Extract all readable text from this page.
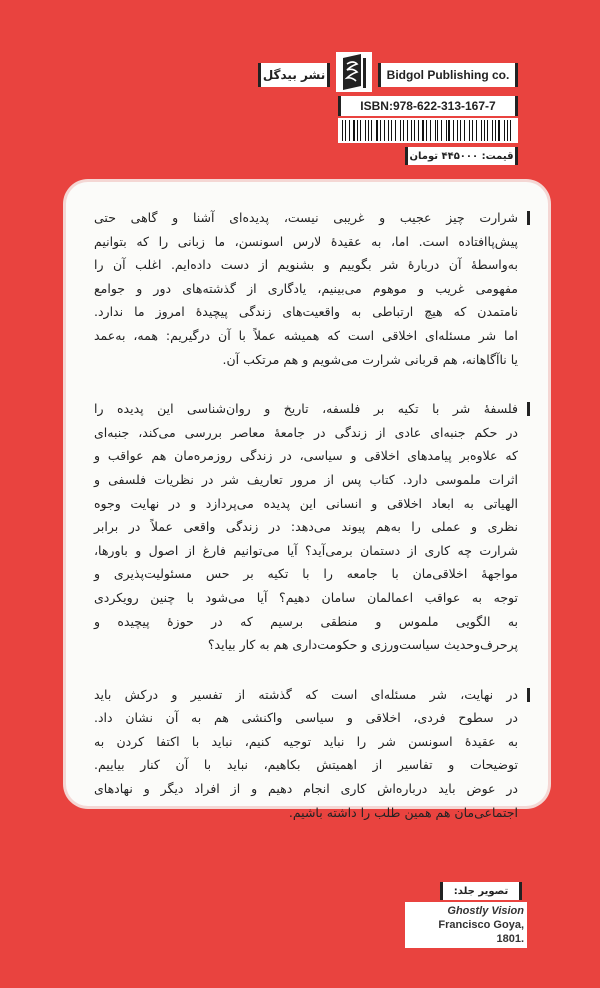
نشر بیدگل	Bidgol Publishing co.
ISBN:978-622-313-167-7
قیمت: ۴۴۵۰۰۰ تومان
شرارت چیز عجیب و غریبی نیست، پدیده‌ای آشنا و گاهی حتی
پیش‌پاافتاده است. اما، به عقیدهٔ لارس اسونسن، ما زبانی را که بتوانیم
به‌واسطهٔ آن دربارهٔ شر بگوییم و بشنویم از دست داده‌ایم. اغلب آن را
مفهومی غریب و موهوم می‌بینیم، یادگاری از گذشته‌های دور و جوامع
نامتمدن که هیچ ارتباطی به واقعیت‌های زندگی پیچیدهٔ امروز ما ندارد.
اما شر مسئله‌ای اخلاقی است که همیشه عملاً با آن درگیریم: همه، به‌عمد
یا ناآگاهانه، هم قربانی شرارت می‌شویم و هم مرتکب آن.
فلسفهٔ شر با تکیه بر فلسفه، تاریخ و روان‌شناسی این پدیده را
در حکم جنبه‌ای عادی از زندگی در جامعهٔ معاصر بررسی می‌کند، جنبه‌ای
که علاوه‌بر پیامدهای اخلاقی و سیاسی، در زندگی روزمره‌مان هم عواقب و
اثرات ملموسی دارد. کتاب پس از مرور تعاریف شر در نظریات فلسفی و
الهیاتی به ابعاد اخلاقی و انسانی این پدیده می‌پردازد و در نهایت وجوه
نظری و عملی را به‌هم پیوند می‌دهد: در زندگی واقعی عملاً در برابر
شرارت چه کاری از دستمان برمی‌آید؟ آیا می‌توانیم فارغ از اصول و باورها،
مواجههٔ اخلاقی‌مان با جامعه را با تکیه بر حس مسئولیت‌پذیری و
توجه به عواقب اعمالمان سامان دهیم؟ آیا می‌شود با چنین رویکردی
به الگویی ملموس و منطقی برسیم که در حوزهٔ پیچیده و
پرحرف‌وحدیث سیاست‌ورزی و حکومت‌داری هم به کار بیاید؟
در نهایت، شر مسئله‌ای است که گذشته از تفسیر و درکش باید
در سطوح فردی، اخلاقی و سیاسی واکنشی هم به آن نشان داد.
به عقیدهٔ اسونسن شر را نباید توجیه کنیم، نباید با اکتفا کردن به
توضیحات و تفاسیر از اهمیتش بکاهیم، نباید با آن کنار بیاییم.
در عوض باید درباره‌اش کاری انجام دهیم و از افراد دیگر و نهادهای
اجتماعی‌مان هم همین طلب را داشته باشیم.
تصویر جلد:
Ghostly Vision
Francisco Goya, 1801.
